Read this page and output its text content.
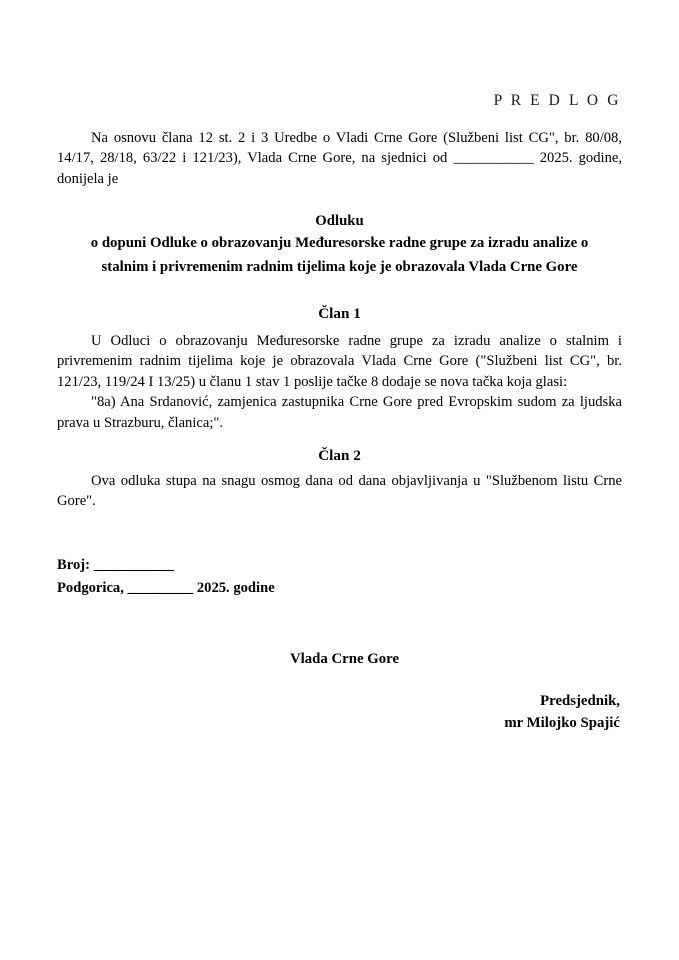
P R E D L O G

Na osnovu člana 12 st. 2 i 3 Uredbe o Vladi Crne Gore (Službeni list CG", br. 80/08, 14/17, 28/18, 63/22 i 121/23), Vlada Crne Gore, na sjednici od ___________ 2025. godine, donijela je

Odluku
o dopuni Odluke o obrazovanju Međuresorske radne grupe za izradu analize o
stalnim i privremenim radnim tijelima koje je obrazovala Vlada Crne Gore
Član 1

U Odluci o obrazovanju Međuresorske radne grupe za izradu analize o stalnim i privremenim radnim tijelima koje je obrazovala Vlada Crne Gore ("Službeni list CG", br. 121/23, 119/24 I 13/25) u članu 1 stav 1 poslije tačke 8 dodaje se nova tačka koja glasi:

"8a) Ana Srdanović, zamjenica zastupnika Crne Gore pred Evropskim sudom za ljudska prava u Strazburu, članica;".

Član 2

Ova odluka stupa na snagu osmog dana od dana objavljivanja u "Službenom listu Crne Gore".

Broj: ___________
Podgorica, _________ 2025. godine
Vlada Crne Gore
Predsjednik,
mr Milojko Spajić
